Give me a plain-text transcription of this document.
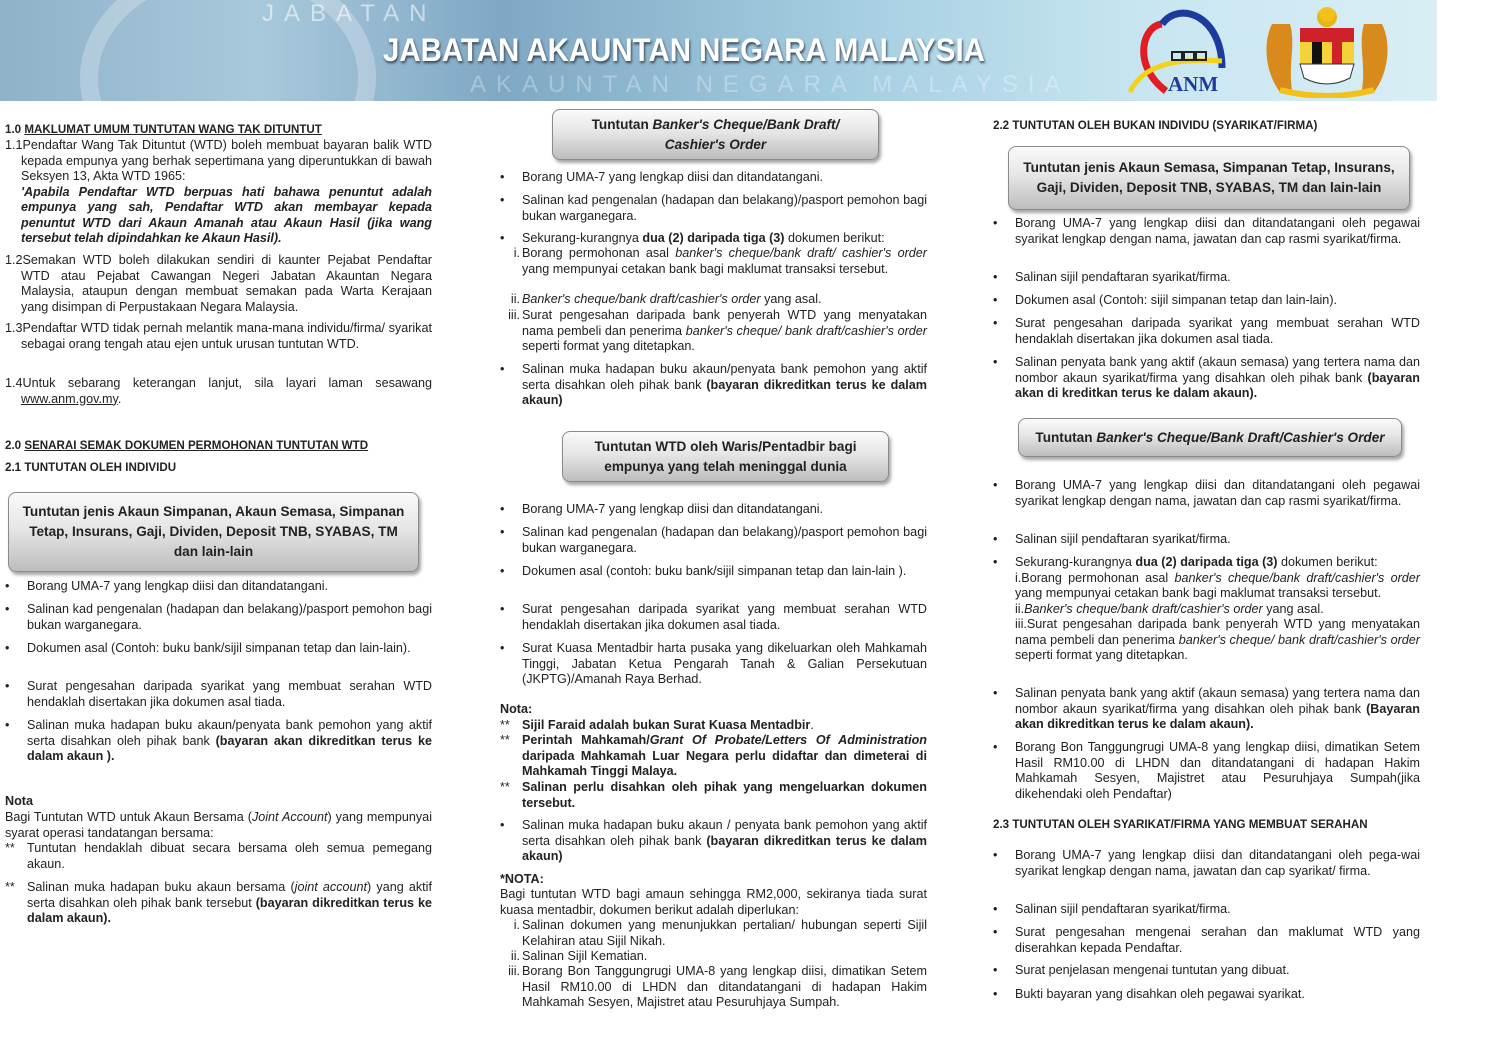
JABATAN
JABATAN AKAUNTAN NEGARA MALAYSIA
AKAUNTAN NEGARA MALAYSIA	ANM
1.0 MAKLUMAT UMUM TUNTUTAN WANG TAK DITUNTUT
1.1Pendaftar Wang Tak Dituntut (WTD) boleh membuat bayaran balik WTD kepada empunya yang berhak sepertimana yang diperuntukkan di bawah Seksyen 13, Akta WTD 1965:
'Apabila Pendaftar WTD berpuas hati bahawa penuntut adalah empunya yang sah, Pendaftar WTD akan membayar kepada penuntut WTD dari Akaun Amanah atau Akaun Hasil (jika wang tersebut telah dipindahkan ke Akaun Hasil).
1.2Semakan WTD boleh dilakukan sendiri di kaunter Pejabat Pendaftar WTD atau Pejabat Cawangan Negeri Jabatan Akauntan Negara Malaysia, ataupun dengan membuat semakan pada Warta Kerajaan yang disimpan di Perpustakaan Negara Malaysia.
1.3Pendaftar WTD tidak pernah melantik mana-mana individu/firma/ syarikat sebagai orang tengah atau ejen untuk urusan tuntutan WTD.
1.4Untuk sebarang keterangan lanjut, sila layari laman sesawang www.anm.gov.my.
2.0 SENARAI SEMAK DOKUMEN PERMOHONAN TUNTUTAN WTD
2.1 TUNTUTAN OLEH INDIVIDU
Tuntutan jenis Akaun Simpanan, Akaun Semasa, Simpanan Tetap, Insurans, Gaji, Dividen, Deposit TNB, SYABAS, TM dan lain-lain
• Borang UMA-7 yang lengkap diisi dan ditandatangani.
• Salinan kad pengenalan (hadapan dan belakang)/pasport pemohon bagi bukan warganegara.
• Dokumen asal (Contoh: buku bank/sijil simpanan tetap dan lain-lain).
• Surat pengesahan daripada syarikat yang membuat serahan WTD hendaklah disertakan jika dokumen asal tiada.
• Salinan muka hadapan buku akaun/penyata bank pemohon yang aktif serta disahkan oleh pihak bank (bayaran akan dikreditkan terus ke dalam akaun ).
Nota
Bagi Tuntutan WTD untuk Akaun Bersama (Joint Account) yang mempunyai syarat operasi tandatangan bersama:
** Tuntutan hendaklah dibuat secara bersama oleh semua pemegang akaun.
** Salinan muka hadapan buku akaun bersama (joint account) yang aktif serta disahkan oleh pihak bank tersebut (bayaran dikreditkan terus ke dalam akaun).
Tuntutan Banker's Cheque/Bank Draft/ Cashier's Order
• Borang UMA-7 yang lengkap diisi dan ditandatangani.
• Salinan kad pengenalan (hadapan dan belakang)/pasport pemohon bagi bukan warganegara.
• Sekurang-kurangnya dua (2) daripada tiga (3) dokumen berikut:
i. Borang permohonan asal banker's cheque/bank draft/ cashier's order yang mempunyai cetakan bank bagi maklumat transaksi tersebut.
ii. Banker's cheque/bank draft/cashier's order yang asal.
iii. Surat pengesahan daripada bank penyerah WTD yang menyatakan nama pembeli dan penerima banker's cheque/ bank draft/cashier's order seperti format yang ditetapkan.
• Salinan muka hadapan buku akaun/penyata bank pemohon yang aktif serta disahkan oleh pihak bank (bayaran dikreditkan terus ke dalam akaun)
Tuntutan WTD oleh Waris/Pentadbir bagi empunya yang telah meninggal dunia
• Borang UMA-7 yang lengkap diisi dan ditandatangani.
• Salinan kad pengenalan (hadapan dan belakang)/pasport pemohon bagi bukan warganegara.
• Dokumen asal (contoh: buku bank/sijil simpanan tetap dan lain-lain ).
• Surat pengesahan daripada syarikat yang membuat serahan WTD hendaklah disertakan jika dokumen asal tiada.
• Surat Kuasa Mentadbir harta pusaka yang dikeluarkan oleh Mahkamah Tinggi, Jabatan Ketua Pengarah Tanah & Galian Persekutuan (JKPTG)/Amanah Raya Berhad.
Nota:
** Sijil Faraid adalah bukan Surat Kuasa Mentadbir.
** Perintah Mahkamah/Grant Of Probate/Letters Of Administration daripada Mahkamah Luar Negara perlu didaftar dan dimeterai di Mahkamah Tinggi Malaya.
** Salinan perlu disahkan oleh pihak yang mengeluarkan dokumen tersebut.
• Salinan muka hadapan buku akaun / penyata bank pemohon yang aktif serta disahkan oleh pihak bank (bayaran dikreditkan terus ke dalam akaun)
*NOTA:
Bagi tuntutan WTD bagi amaun sehingga RM2,000, sekiranya tiada surat kuasa mentadbir, dokumen berikut adalah diperlukan:
i. Salinan dokumen yang menunjukkan pertalian/ hubungan seperti Sijil Kelahiran atau Sijil Nikah.
ii. Salinan Sijil Kematian.
iii. Borang Bon Tanggungrugi UMA-8 yang lengkap diisi, dimatikan Setem Hasil RM10.00 di LHDN dan ditandatangani di hadapan Hakim Mahkamah Sesyen, Majistret atau Pesuruhjaya Sumpah.
2.2 TUNTUTAN OLEH BUKAN INDIVIDU (SYARIKAT/FIRMA)
Tuntutan jenis Akaun Semasa, Simpanan Tetap, Insurans, Gaji, Dividen, Deposit TNB, SYABAS, TM dan lain-lain
• Borang UMA-7 yang lengkap diisi dan ditandatangani oleh pegawai syarikat lengkap dengan nama, jawatan dan cap rasmi syarikat/firma.
• Salinan sijil pendaftaran syarikat/firma.
• Dokumen asal (Contoh: sijil simpanan tetap dan lain-lain).
• Surat pengesahan daripada syarikat yang membuat serahan WTD hendaklah disertakan jika dokumen asal tiada.
• Salinan penyata bank yang aktif (akaun semasa) yang tertera nama dan nombor akaun syarikat/firma yang disahkan oleh pihak bank (bayaran akan di kreditkan terus ke dalam akaun).
Tuntutan Banker's Cheque/Bank Draft/Cashier's Order
• Borang UMA-7 yang lengkap diisi dan ditandatangani oleh pegawai syarikat lengkap dengan nama, jawatan dan cap rasmi syarikat/firma.
• Salinan sijil pendaftaran syarikat/firma.
• Sekurang-kurangnya dua (2) daripada tiga (3) dokumen berikut:
i.Borang permohonan asal banker's cheque/bank draft/cashier's order yang mempunyai cetakan bank bagi maklumat transaksi tersebut.
ii.Banker's cheque/bank draft/cashier's order yang asal.
iii.Surat pengesahan daripada bank penyerah WTD yang menyatakan nama pembeli dan penerima banker's cheque/ bank draft/cashier's order seperti format yang ditetapkan.
• Salinan penyata bank yang aktif (akaun semasa) yang tertera nama dan nombor akaun syarikat/firma yang disahkan oleh pihak bank (Bayaran akan dikreditkan terus ke dalam akaun).
• Borang Bon Tanggungrugi UMA-8 yang lengkap diisi, dimatikan Setem Hasil RM10.00 di LHDN dan ditandatangani di hadapan Hakim Mahkamah Sesyen, Majistret atau Pesuruhjaya Sumpah(jika dikehendaki oleh Pendaftar)
2.3 TUNTUTAN OLEH SYARIKAT/FIRMA YANG MEMBUAT SERAHAN
• Borang UMA-7 yang lengkap diisi dan ditandatangani oleh pega-wai syarikat lengkap dengan nama, jawatan dan cap syarikat/ firma.
• Salinan sijil pendaftaran syarikat/firma.
• Surat pengesahan mengenai serahan dan maklumat WTD yang diserahkan kepada Pendaftar.
• Surat penjelasan mengenai tuntutan yang dibuat.
• Bukti bayaran yang disahkan oleh pegawai syarikat.
